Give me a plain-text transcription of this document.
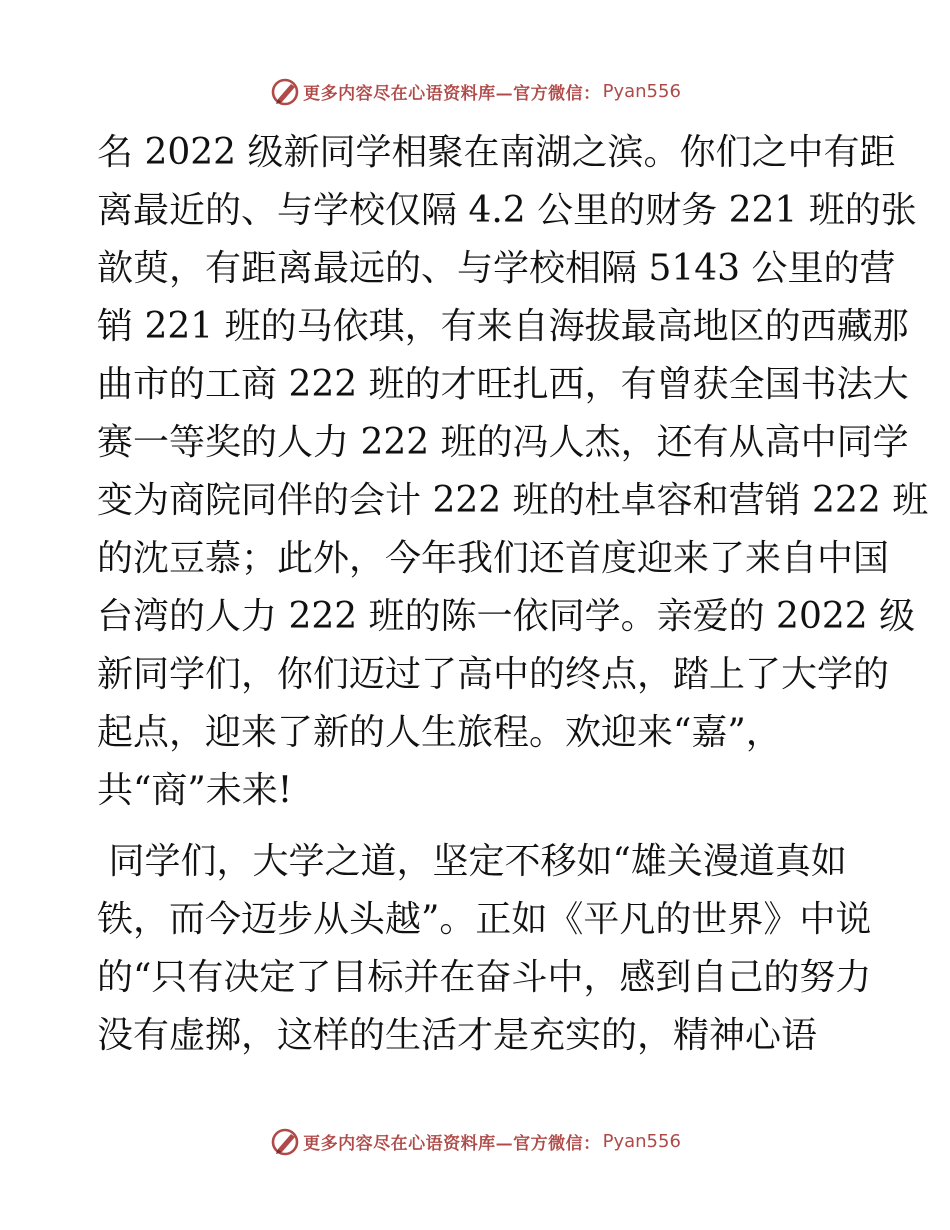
更多内容尽在心语资料库—官方微信： Pyan556
名 2022 级新同学相聚在南湖之滨。你们之中有距
离最近的、与学校仅隔 4.2 公里的财务 221 班的张
歆萸，有距离最远的、与学校相隔 5143 公里的营
销 221 班的马依琪，有来自海拔最高地区的西藏那
曲市的工商 222 班的才旺扎西，有曾获全国书法大
赛一等奖的人力 222 班的冯人杰，还有从高中同学
变为商院同伴的会计 222 班的杜卓容和营销 222 班
的沈豆慕；此外，今年我们还首度迎来了来自中国
台湾的人力 222 班的陈一依同学。亲爱的 2022 级
新同学们，你们迈过了高中的终点，踏上了大学的
起点，迎来了新的人生旅程。欢迎来“嘉”，
共“商”未来!
同学们，大学之道，坚定不移如“雄关漫道真如
铁，而今迈步从头越”。正如《平凡的世界》中说
的“只有决定了目标并在奋斗中，感到自己的努力
没有虚掷，这样的生活才是充实的，精神心语
更多内容尽在心语资料库—官方微信： Pyan556
